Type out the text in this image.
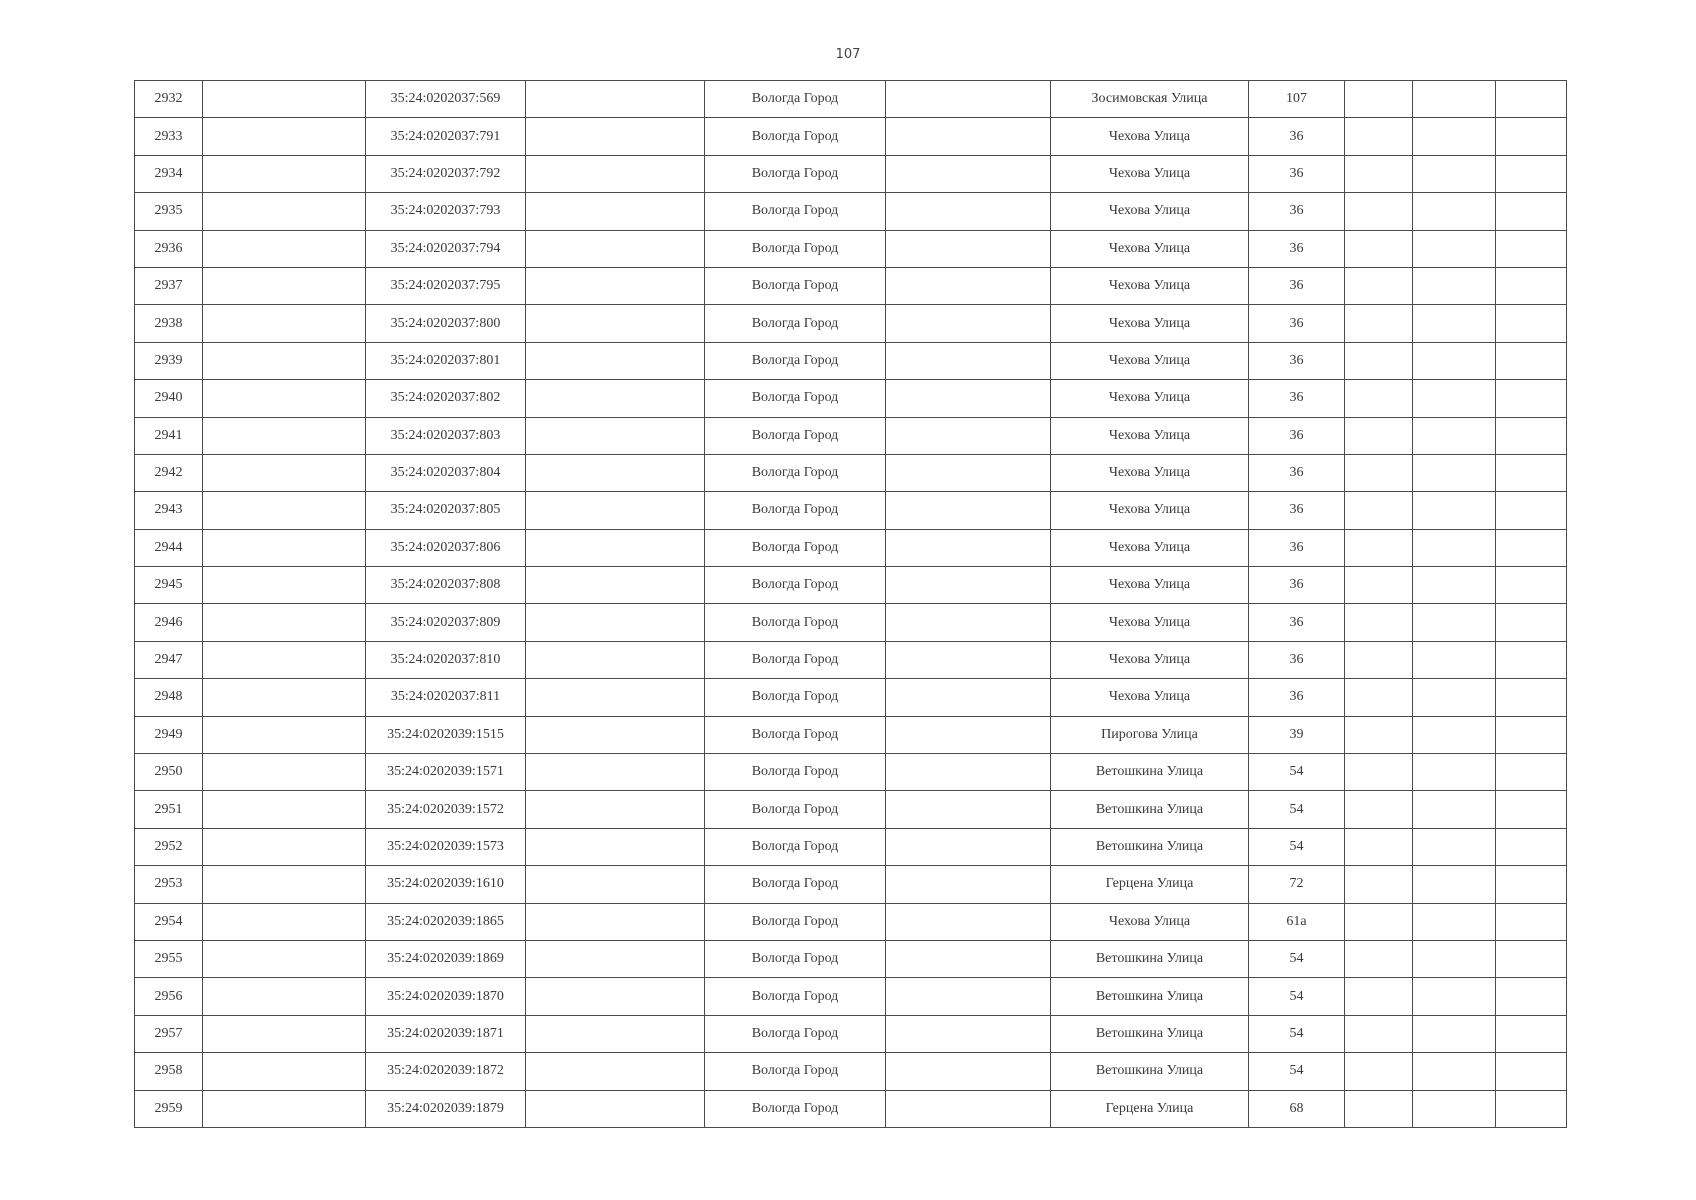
107
2932		35:24:0202037:569		Вологда Город		Зосимовская Улица	107			
2933		35:24:0202037:791		Вологда Город		Чехова Улица	36			
2934		35:24:0202037:792		Вологда Город		Чехова Улица	36			
2935		35:24:0202037:793		Вологда Город		Чехова Улица	36			
2936		35:24:0202037:794		Вологда Город		Чехова Улица	36			
2937		35:24:0202037:795		Вологда Город		Чехова Улица	36			
2938		35:24:0202037:800		Вологда Город		Чехова Улица	36			
2939		35:24:0202037:801		Вологда Город		Чехова Улица	36			
2940		35:24:0202037:802		Вологда Город		Чехова Улица	36			
2941		35:24:0202037:803		Вологда Город		Чехова Улица	36			
2942		35:24:0202037:804		Вологда Город		Чехова Улица	36			
2943		35:24:0202037:805		Вологда Город		Чехова Улица	36			
2944		35:24:0202037:806		Вологда Город		Чехова Улица	36			
2945		35:24:0202037:808		Вологда Город		Чехова Улица	36			
2946		35:24:0202037:809		Вологда Город		Чехова Улица	36			
2947		35:24:0202037:810		Вологда Город		Чехова Улица	36			
2948		35:24:0202037:811		Вологда Город		Чехова Улица	36			
2949		35:24:0202039:1515		Вологда Город		Пирогова Улица	39			
2950		35:24:0202039:1571		Вологда Город		Ветошкина Улица	54			
2951		35:24:0202039:1572		Вологда Город		Ветошкина Улица	54			
2952		35:24:0202039:1573		Вологда Город		Ветошкина Улица	54			
2953		35:24:0202039:1610		Вологда Город		Герцена Улица	72			
2954		35:24:0202039:1865		Вологда Город		Чехова Улица	61а			
2955		35:24:0202039:1869		Вологда Город		Ветошкина Улица	54			
2956		35:24:0202039:1870		Вологда Город		Ветошкина Улица	54			
2957		35:24:0202039:1871		Вологда Город		Ветошкина Улица	54			
2958		35:24:0202039:1872		Вологда Город		Ветошкина Улица	54			
2959		35:24:0202039:1879		Вологда Город		Герцена Улица	68			
